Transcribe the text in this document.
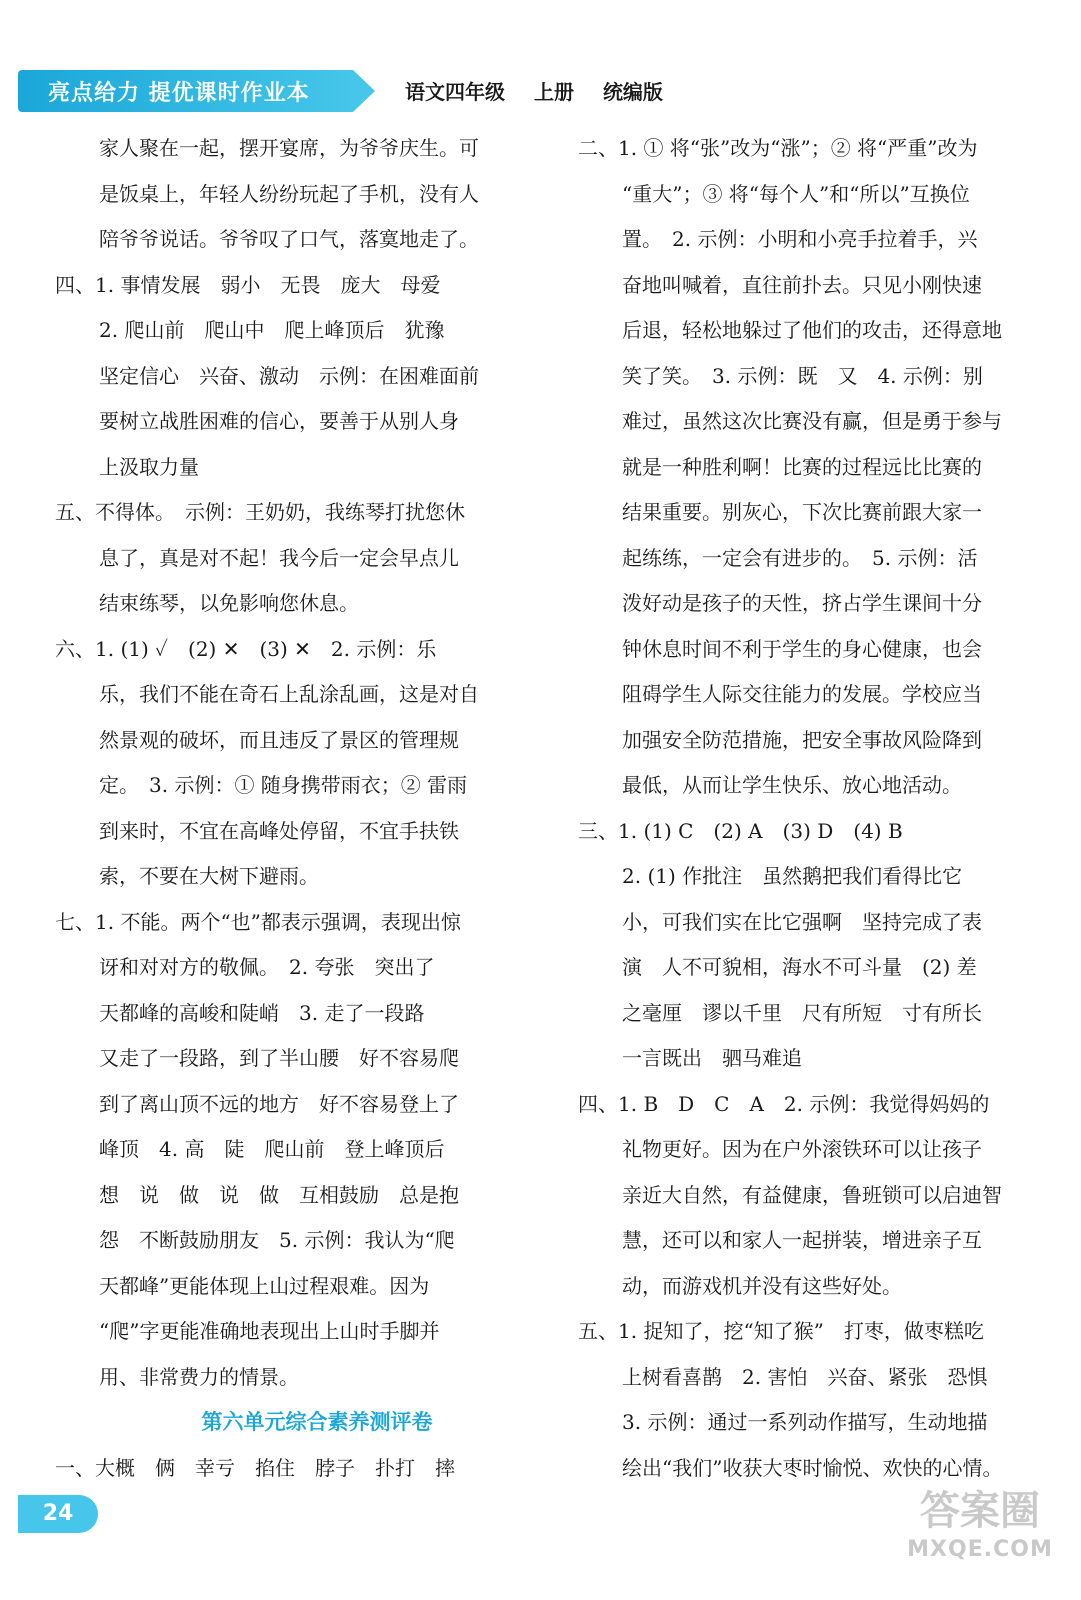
亮点给力 提优课时作业本	语文四年级 上册 统编版

家人聚在一起，摆开宴席，为爷爷庆生。可

是饭桌上，年轻人纷纷玩起了手机，没有人

陪爷爷说话。爷爷叹了口气，落寞地走了。

四、1. 事情发展　弱小　无畏　庞大　母爱

2. 爬山前　爬山中　爬上峰顶后　犹豫

坚定信心　兴奋、激动　示例：在困难面前

要树立战胜困难的信心，要善于从别人身

上汲取力量

五、不得体。　示例：王奶奶，我练琴打扰您休

息了，真是对不起！我今后一定会早点儿

结束练琴，以免影响您休息。

六、1. (1) ✓　(2) ✕　(3) ✕　2. 示例：乐

乐，我们不能在奇石上乱涂乱画，这是对自

然景观的破坏，而且违反了景区的管理规

定。　3. 示例：① 随身携带雨衣；② 雷雨

到来时，不宜在高峰处停留，不宜手扶铁

索，不要在大树下避雨。

七、1. 不能。两个“也”都表示强调，表现出惊

讶和对对方的敬佩。　2. 夸张　突出了

天都峰的高峻和陡峭　3. 走了一段路

又走了一段路，到了半山腰　好不容易爬

到了离山顶不远的地方　好不容易登上了

峰顶　4. 高　陡　爬山前　登上峰顶后

想　说　做　说　做　互相鼓励　总是抱

怨　不断鼓励朋友　5. 示例：我认为“爬

天都峰”更能体现上山过程艰难。因为

“爬”字更能准确地表现出上山时手脚并

用、非常费力的情景。

第六单元综合素养测评卷

一、大概　俩　幸亏　掐住　脖子　扑打　摔

二、1. ① 将“张”改为“涨”；② 将“严重”改为

“重大”；③ 将“每个人”和“所以”互换位

置。　2. 示例：小明和小亮手拉着手，兴

奋地叫喊着，直往前扑去。只见小刚快速

后退，轻松地躲过了他们的攻击，还得意地

笑了笑。　3. 示例：既　又　4. 示例：别

难过，虽然这次比赛没有赢，但是勇于参与

就是一种胜利啊！比赛的过程远比比赛的

结果重要。别灰心，下次比赛前跟大家一

起练练，一定会有进步的。　5. 示例：活

泼好动是孩子的天性，挤占学生课间十分

钟休息时间不利于学生的身心健康，也会

阻碍学生人际交往能力的发展。学校应当

加强安全防范措施，把安全事故风险降到

最低，从而让学生快乐、放心地活动。

三、1. (1) C　(2) A　(3) D　(4) B

2. (1) 作批注　虽然鹅把我们看得比它

小，可我们实在比它强啊　坚持完成了表

演　人不可貌相，海水不可斗量　(2) 差

之毫厘　谬以千里　尺有所短　寸有所长

一言既出　驷马难追

四、1. B　D　C　A　2. 示例：我觉得妈妈的

礼物更好。因为在户外滚铁环可以让孩子

亲近大自然，有益健康，鲁班锁可以启迪智

慧，还可以和家人一起拼装，增进亲子互

动，而游戏机并没有这些好处。

五、1. 捉知了，挖“知了猴”　打枣，做枣糕吃

上树看喜鹊　2. 害怕　兴奋、紧张　恐惧

3. 示例：通过一系列动作描写，生动地描

绘出“我们”收获大枣时愉悦、欢快的心情。

24	答案圈
MXQE.COM
